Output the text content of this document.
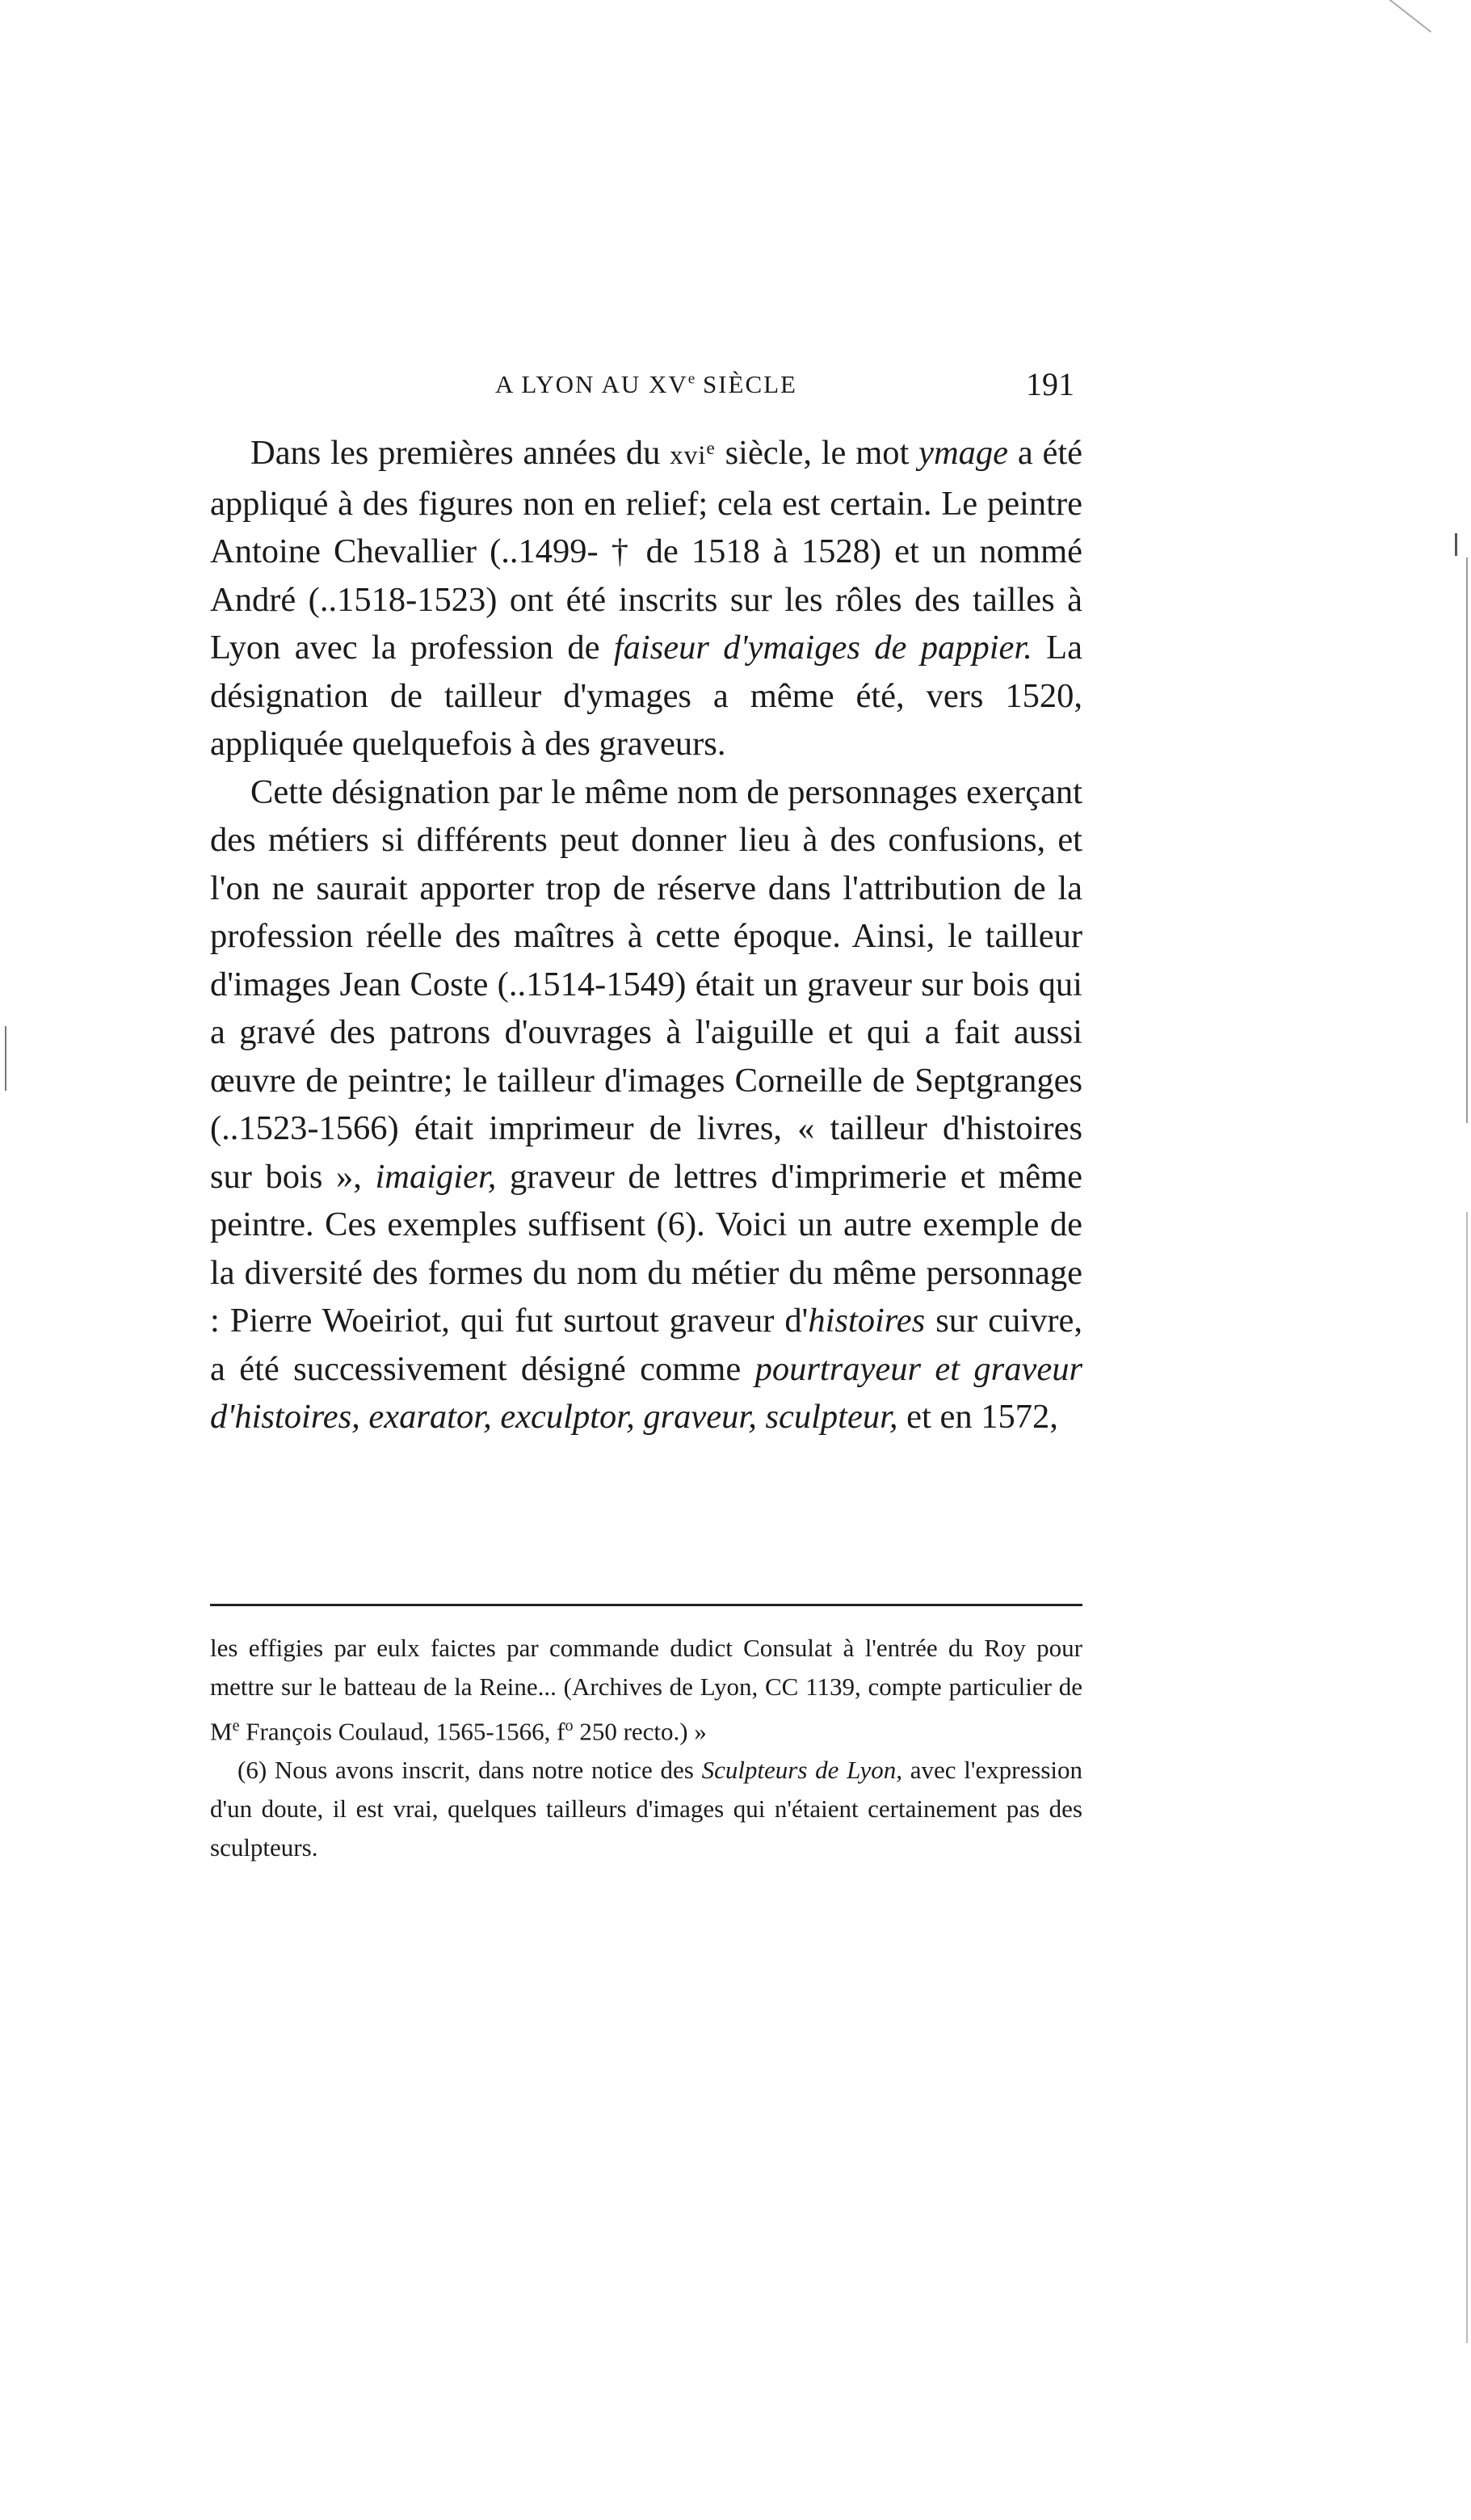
A LYON AU XVe SIÈCLE	191

Dans les premières années du xvi$^e$ siècle, le mot ymage a été appliqué à des figures non en relief; cela est certain. Le peintre Antoine Chevallier (..1499- † de 1518 à 1528) et un nommé André (..1518-1523) ont été inscrits sur les rôles des tailles à Lyon avec la profession de faiseur d'ymaiges de pappier. La désignation de tailleur d'ymages a même été, vers 1520, appliquée quelquefois à des graveurs.

Cette désignation par le même nom de personnages exerçant des métiers si différents peut donner lieu à des confusions, et l'on ne saurait apporter trop de réserve dans l'attribution de la profession réelle des maîtres à cette époque. Ainsi, le tailleur d'images Jean Coste (..1514-1549) était un graveur sur bois qui a gravé des patrons d'ouvrages à l'aiguille et qui a fait aussi œuvre de peintre; le tailleur d'images Corneille de Septgranges (..1523-1566) était imprimeur de livres, « tailleur d'histoires sur bois », imaigier, graveur de lettres d'imprimerie et même peintre. Ces exemples suffisent (6). Voici un autre exemple de la diversité des formes du nom du métier du même personnage : Pierre Woeiriot, qui fut surtout graveur d'histoires sur cuivre, a été successivement désigné comme pourtrayeur et graveur d'histoires, exarator, exculptor, graveur, sculpteur, et en 1572,

les effigies par eulx faictes par commande dudict Consulat à l'entrée du Roy pour mettre sur le batteau de la Reine... (Archives de Lyon, CC 1139, compte particulier de Me François Coulaud, 1565-1566, $f^o$ 250 recto.) »

(6) Nous avons inscrit, dans notre notice des Sculpteurs de Lyon, avec l'expression d'un doute, il est vrai, quelques tailleurs d'images qui n'étaient certainement pas des sculpteurs.
